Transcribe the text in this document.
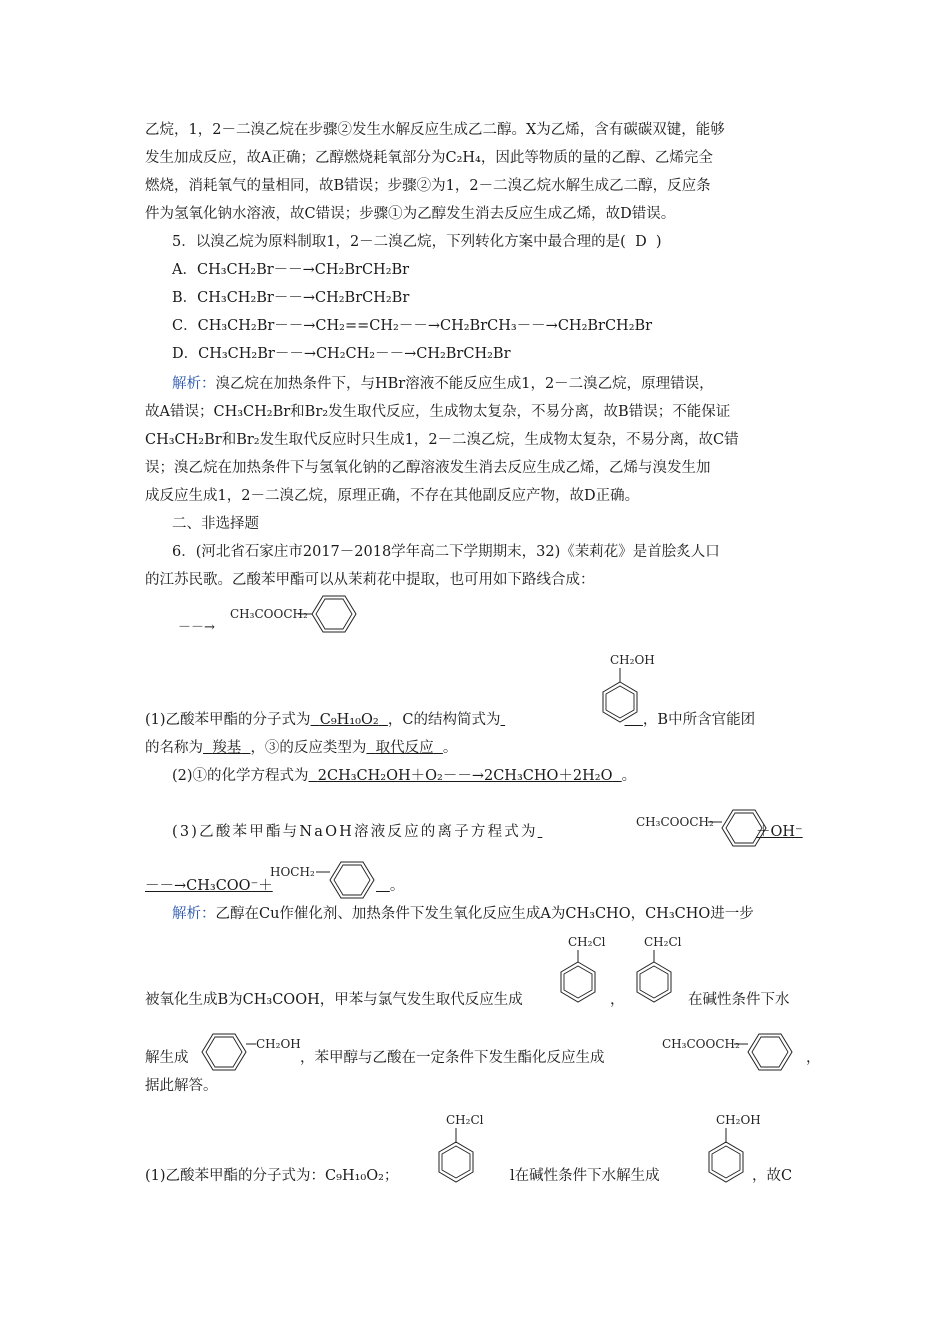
乙烷，1，2－二溴乙烷在步骤②发生水解反应生成乙二醇。X为乙烯，含有碳碳双键，能够
发生加成反应，故A正确；乙醇燃烧耗氧部分为C₂H₄，因此等物质的量的乙醇、乙烯完全
燃烧，消耗氧气的量相同，故B错误；步骤②为1，2－二溴乙烷水解生成乙二醇，反应条
件为氢氧化钠水溶液，故C错误；步骤①为乙醇发生消去反应生成乙烯，故D错误。
5．以溴乙烷为原料制取1，2－二溴乙烷，下列转化方案中最合理的是( D )
A．CH₃CH₂Br－－→CH₂BrCH₂Br
B．CH₃CH₂Br－－→CH₂BrCH₂Br
C．CH₃CH₂Br－－→CH₂==CH₂－－→CH₂BrCH₃－－→CH₂BrCH₂Br
D．CH₃CH₂Br－－→CH₂CH₂－－→CH₂BrCH₂Br
解析：溴乙烷在加热条件下，与HBr溶液不能反应生成1，2－二溴乙烷，原理错误，
故A错误；CH₃CH₂Br和Br₂发生取代反应，生成物太复杂，不易分离，故B错误；不能保证
CH₃CH₂Br和Br₂发生取代反应时只生成1，2－二溴乙烷，生成物太复杂，不易分离，故C错
误；溴乙烷在加热条件下与氢氧化钠的乙醇溶液发生消去反应生成乙烯，乙烯与溴发生加
成反应生成1，2－二溴乙烷，原理正确，不存在其他副反应产物，故D正确。
二、非选择题
6．(河北省石家庄市2017－2018学年高二下学期期末，32)《茉莉花》是首脍炙人口
的江苏民歌。乙酸苯甲酯可以从茉莉花中提取，也可用如下路线合成：
－－→
CH₃COOCH₂
CH₂OH
(1)乙酸苯甲酯的分子式为 C₉H₁₀O₂ ，C的结构简式为	，B中所含官能团
的名称为 羧基 ，③的反应类型为 取代反应 。
(2)①的化学方程式为 2CH₃CH₂OH＋O₂－－→2CH₃CHO＋2H₂O 。
CH₃COOCH₂
(3)乙酸苯甲酯与NaOH溶液反应的离子方程式为	＋OH⁻
HOCH₂
－－→CH₃COO⁻＋	。
解析：乙醇在Cu作催化剂、加热条件下发生氧化反应生成A为CH₃CHO，CH₃CHO进一步
CH₂Cl	CH₂Cl
被氧化生成B为CH₃COOH，甲苯与氯气发生取代反应生成	，	在碱性条件下水
CH₂OH	CH₃COOCH₂
解生成	，苯甲醇与乙酸在一定条件下发生酯化反应生成	，
据此解答。
CH₂Cl	CH₂OH
(1)乙酸苯甲酯的分子式为：C₉H₁₀O₂；	l在碱性条件下水解生成	，故C
